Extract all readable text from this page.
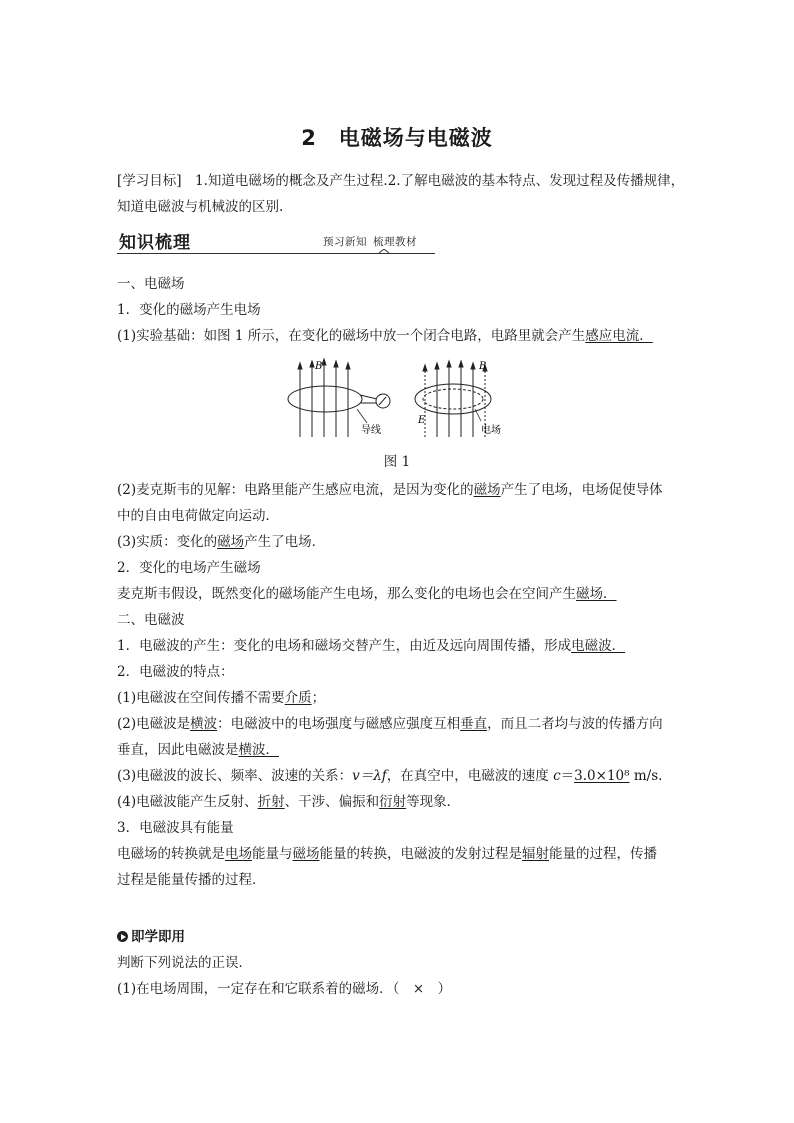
2　电磁场与电磁波
[学习目标]　1.知道电磁场的概念及产生过程.2.了解电磁波的基本特点、发现过程及传播规律，
知道电磁波与机械波的区别.
知识梳理	预习新知 梳理教材
一、电磁场
1．变化的磁场产生电场
(1)实验基础：如图 1 所示，在变化的磁场中放一个闭合电路，电路里就会产生感应电流．
B
导线
B
E
电场
图 1
(2)麦克斯韦的见解：电路里能产生感应电流，是因为变化的磁场产生了电场，电场促使导体
中的自由电荷做定向运动．
(3)实质：变化的磁场产生了电场．
2．变化的电场产生磁场
麦克斯韦假设，既然变化的磁场能产生电场，那么变化的电场也会在空间产生磁场．
二、电磁波
1．电磁波的产生：变化的电场和磁场交替产生，由近及远向周围传播，形成电磁波．
2．电磁波的特点：
(1)电磁波在空间传播不需要介质；
(2)电磁波是横波：电磁波中的电场强度与磁感应强度互相垂直，而且二者均与波的传播方向
垂直，因此电磁波是横波．
(3)电磁波的波长、频率、波速的关系：v＝λf，在真空中，电磁波的速度 c＝3.0×10⁸ m/s.
(4)电磁波能产生反射、折射、干涉、偏振和衍射等现象．
3．电磁波具有能量
电磁场的转换就是电场能量与磁场能量的转换，电磁波的发射过程是辐射能量的过程，传播
过程是能量传播的过程．
即学即用
判断下列说法的正误．
(1)在电场周围，一定存在和它联系着的磁场．（　×　）
